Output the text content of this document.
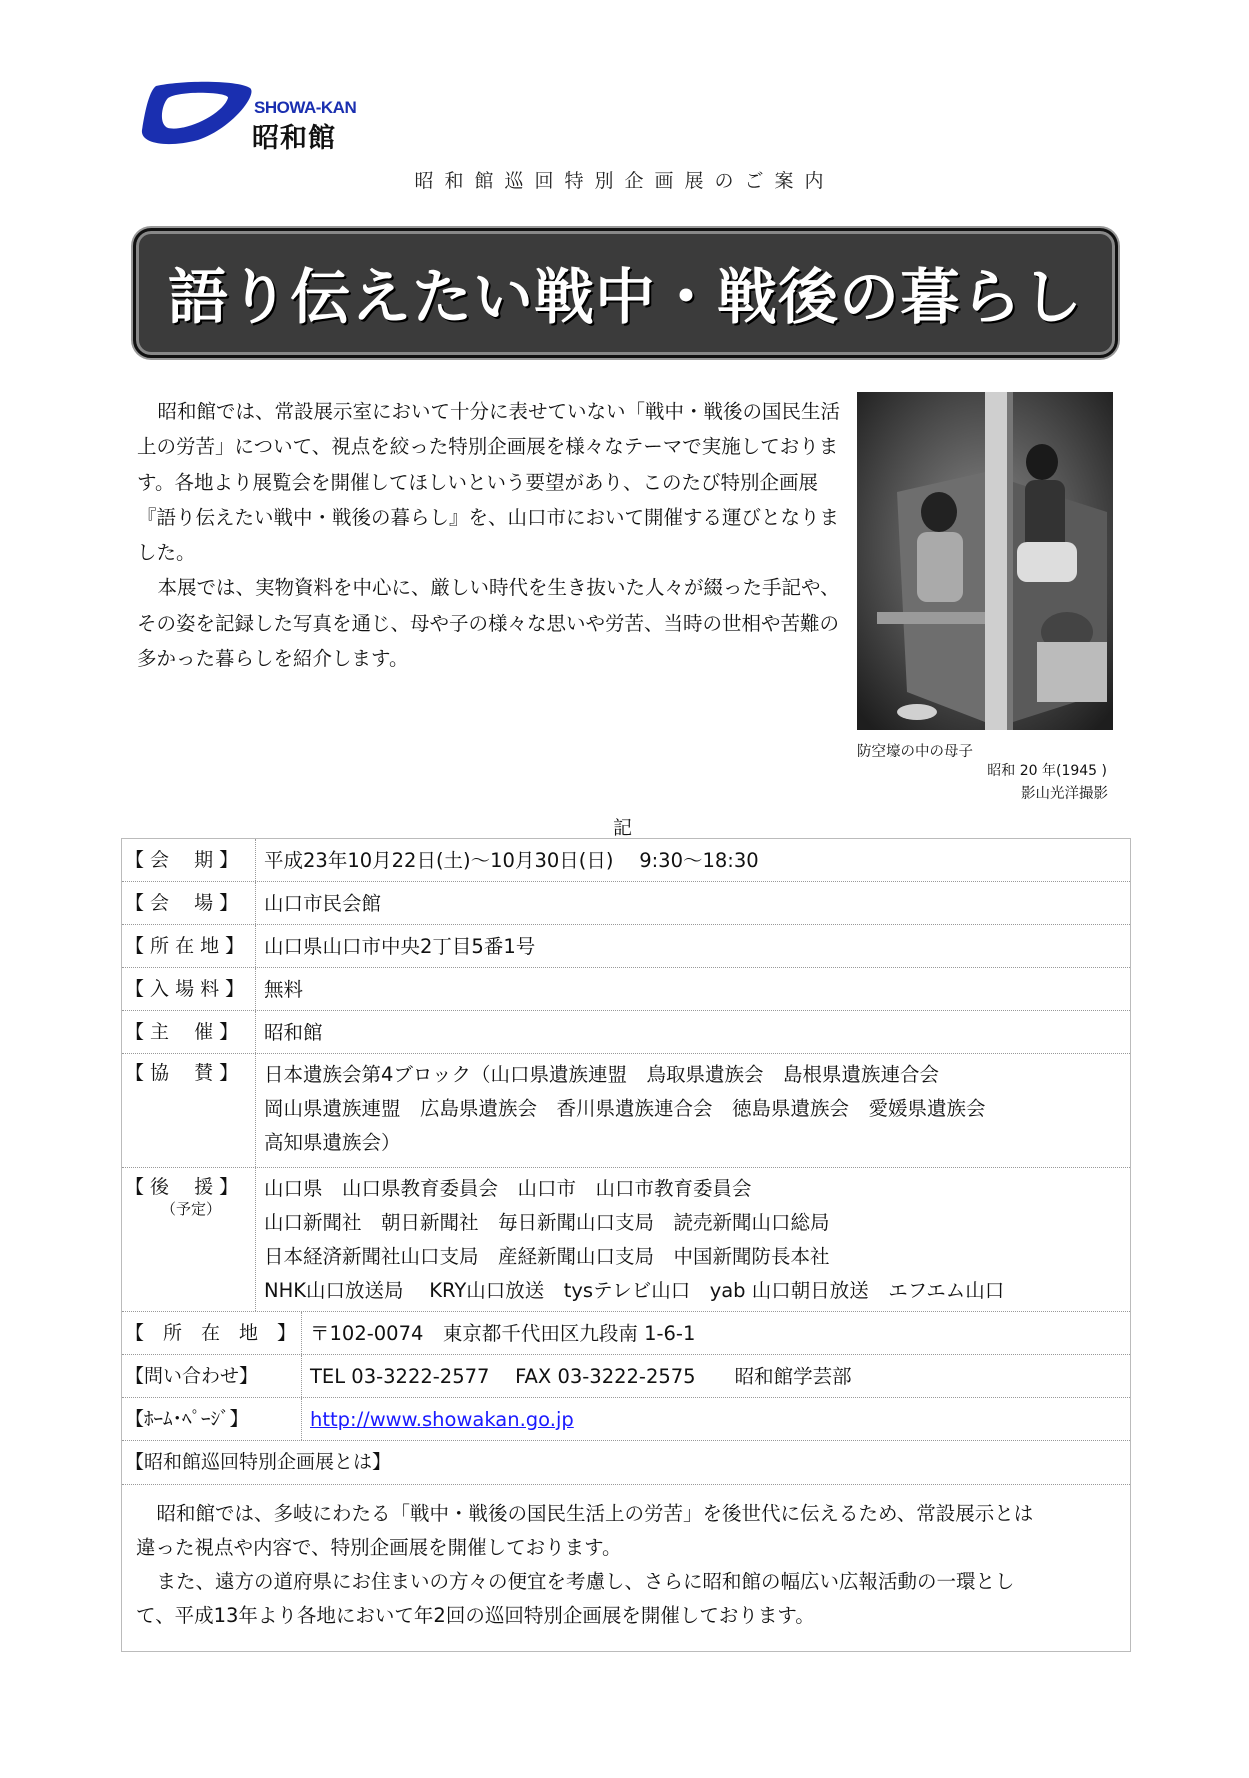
SHOWA-KAN
昭和館
昭和館巡回特別企画展のご案内
語り伝えたい戦中・戦後の暮らし

昭和館では、常設展示室において十分に表せていない「戦中・戦後の国民生活上の労苦」について、視点を絞った特別企画展を様々なテーマで実施しております。各地より展覧会を開催してほしいという要望があり、このたび特別企画展『語り伝えたい戦中・戦後の暮らし』を、山口市において開催する運びとなりました。

本展では、実物資料を中心に、厳しい時代を生き抜いた人々が綴った手記や、その姿を記録した写真を通じ、母や子の様々な思いや労苦、当時の世相や苦難の多かった暮らしを紹介します。

防空壕の中の母子
昭和 20 年(1945 )
影山光洋撮影
記
【 会　 期 】	平成23年10月22日(土)～10月30日(日)　 9:30～18:30
【 会　 場 】	山口市民会館
【 所 在 地 】	山口県山口市中央2丁目5番1号
【 入 場 料 】	無料
【 主　 催 】	昭和館
【 協　 賛 】	日本遺族会第4ブロック（山口県遺族連盟　鳥取県遺族会　島根県遺族連合会
岡山県遺族連盟　広島県遺族会　香川県遺族連合会　徳島県遺族会　愛媛県遺族会
高知県遺族会）
【 後　 援 】
（予定）
山口県　山口県教育委員会　山口市　山口市教育委員会
山口新聞社　朝日新聞社　毎日新聞山口支局　読売新聞山口総局
日本経済新聞社山口支局　産経新聞山口支局　中国新聞防長本社
NHK山口放送局　 KRY山口放送　tysテレビ山口　yab 山口朝日放送　エフエム山口
【　所　在　地　】 〒102-0074　東京都千代田区九段南 1-6-1
【問い合わせ】	TEL 03-3222-2577　 FAX 03-3222-2575　　昭和館学芸部
【ﾎｰﾑ･ﾍﾟｰｼﾞ】	http://www.showakan.go.jp
【昭和館巡回特別企画展とは】

昭和館では、多岐にわたる「戦中・戦後の国民生活上の労苦」を後世代に伝えるため、常設展示とは

違った視点や内容で、特別企画展を開催しております。

また、遠方の道府県にお住まいの方々の便宜を考慮し、さらに昭和館の幅広い広報活動の一環とし

て、平成13年より各地において年2回の巡回特別企画展を開催しております。
